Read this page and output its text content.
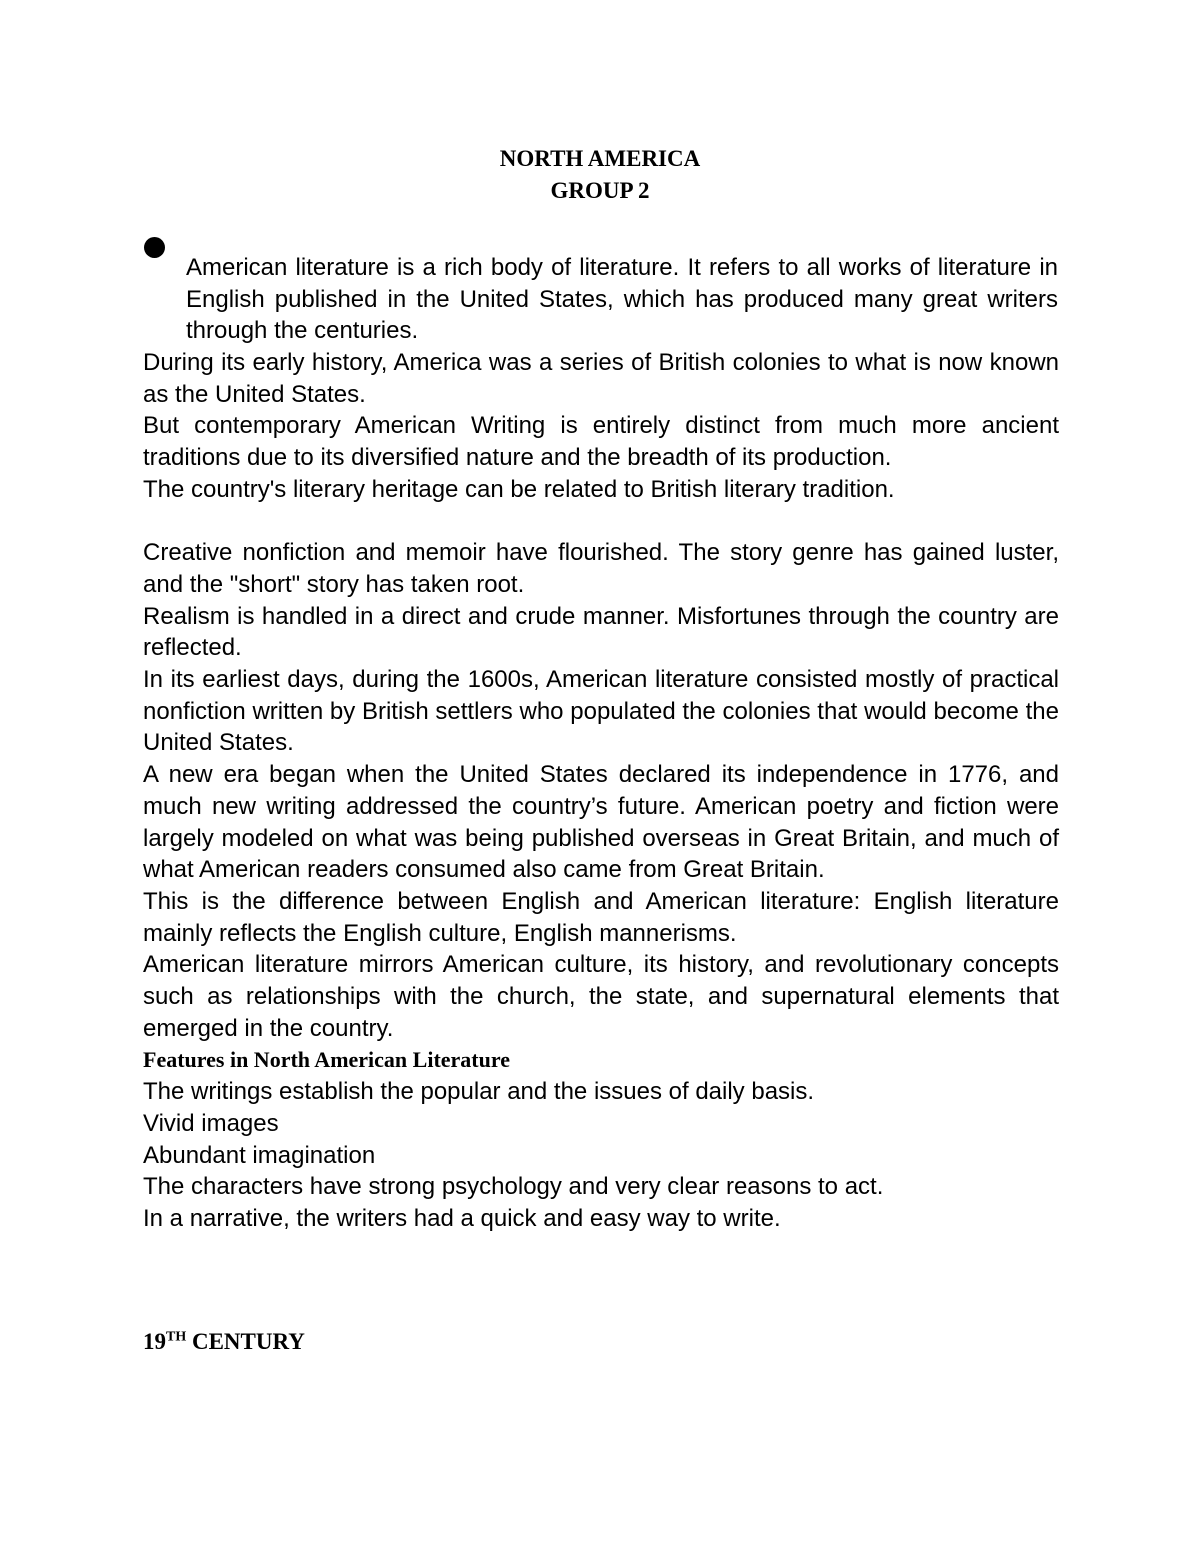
NORTH AMERICA
GROUP 2

American literature is a rich body of literature. It refers to all works of literature in English published in the United States, which has produced many great writers through the centuries.

During its early history, America was a series of British colonies to what is now known as the United States.

But contemporary American Writing is entirely distinct from much more ancient traditions due to its diversified nature and the breadth of its production.

The country's literary heritage can be related to British literary tradition.

Creative nonfiction and memoir have flourished. The story genre has gained luster, and the "short" story has taken root.

Realism is handled in a direct and crude manner. Misfortunes through the country are reflected.

In its earliest days, during the 1600s, American literature consisted mostly of practical nonfiction written by British settlers who populated the colonies that would become the United States.

A new era began when the United States declared its independence in 1776, and much new writing addressed the country’s future. American poetry and fiction were largely modeled on what was being published overseas in Great Britain, and much of what American readers consumed also came from Great Britain.

This is the difference between English and American literature: English literature mainly reflects the English culture, English mannerisms.

American literature mirrors American culture, its history, and revolutionary concepts such as relationships with the church, the state, and supernatural elements that emerged in the country.

Features in North American Literature

The writings establish the popular and the issues of daily basis.

Vivid images

Abundant imagination

The characters have strong psychology and very clear reasons to act.

In a narrative, the writers had a quick and easy way to write.

19TH CENTURY
